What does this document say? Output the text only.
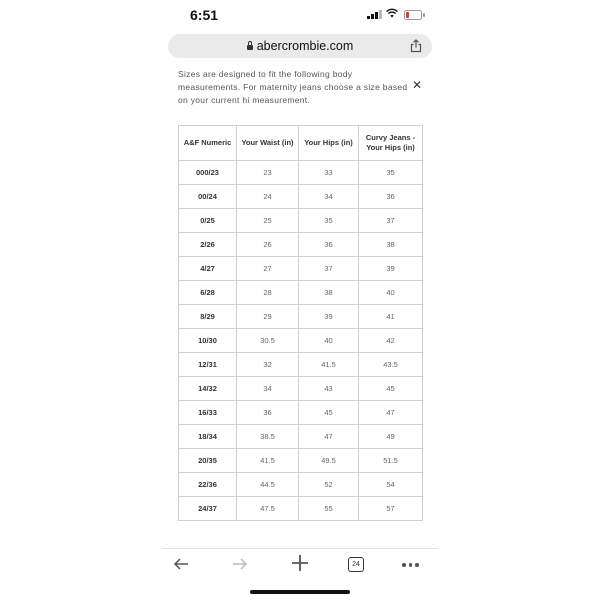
6:51
abercrombie.com
Sizes are designed to fit the following body measurements. For maternity jeans choose a size based on your current hi measurement.
✕
A&F Numeric	Your Waist (in)	Your Hips (in)	Curvy Jeans - Your Hips (in)
000/23	23	33	35
00/24	24	34	36
0/25	25	35	37
2/26	26	36	38
4/27	27	37	39
6/28	28	38	40
8/29	29	39	41
10/30	30.5	40	42
12/31	32	41.5	43.5
14/32	34	43	45
16/33	36	45	47
18/34	38.5	47	49
20/35	41.5	49.5	51.5
22/36	44.5	52	54
24/37	47.5	55	57
24
